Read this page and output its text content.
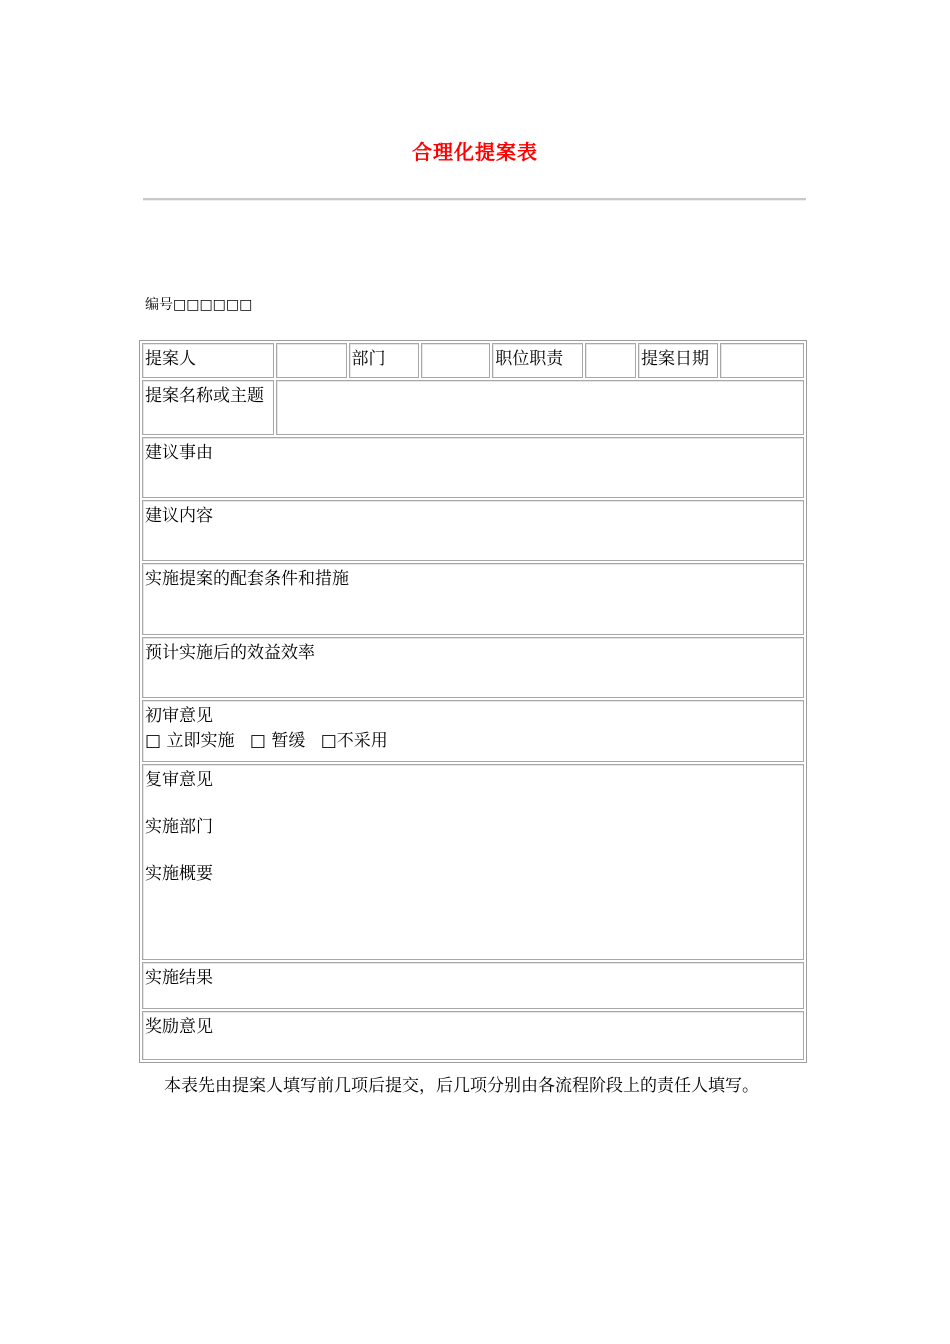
合理化提案表
编号□□□□□□
提案人		部门		职位职责		提案日期	
提案名称或主题							
建议事由							
建议内容							
实施提案的配套条件和措施							
预计实施后的效益效率							

初审意见
□ 立即实施 □ 暂缓 □不采用							

复审意见
实施部门
实施概要							

实施结果							
奖励意见							
本表先由提案人填写前几项后提交，后几项分别由各流程阶段上的责任人填写。
